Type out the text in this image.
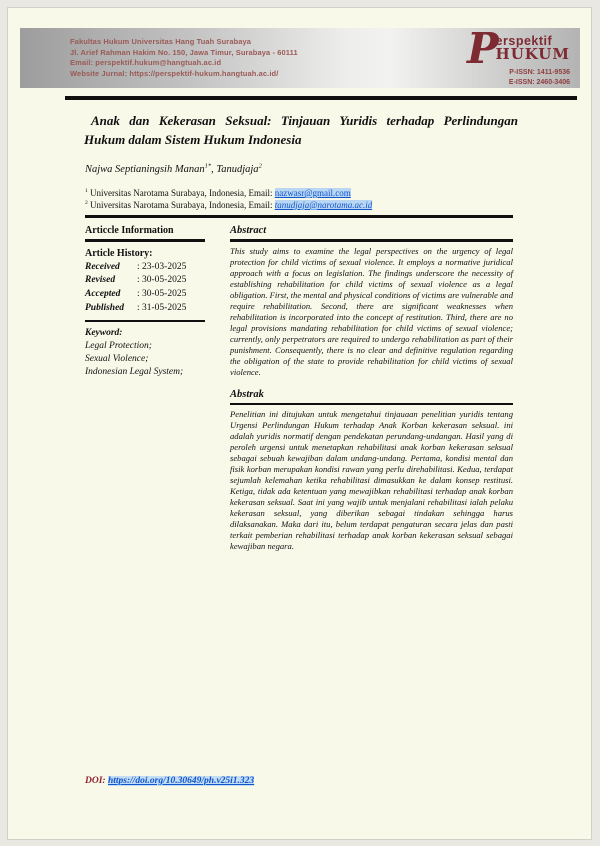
Fakultas Hukum Universitas Hang Tuah Surabaya
Jl. Arief Rahman Hakim No. 150, Jawa Timur, Surabaya - 60111
Email: perspektif.hukum@hangtuah.ac.id
Website Jurnal: https://perspektif-hukum.hangtuah.ac.id/	P
erspektif
HUKUM
P-ISSN: 1411-9536
E-ISSN: 2460-3406
Anak dan Kekerasan Seksual: Tinjauan Yuridis terhadap Perlindungan Hukum dalam Sistem Hukum Indonesia
Najwa Septianingsih Manan$^{1*}$, Tanudjaja$^2$
$^1$ Universitas Narotama Surabaya, Indonesia, Email: nazwasr@gmail.com
$^2$ Universitas Narotama Surabaya, Indonesia, Email: tanudjaja@narotama.ac.id
Articcle Information
Article History:
Received	: 23-03-2025
Revised	: 30-05-2025
Accepted	: 30-05-2025
Published	: 31-05-2025
Keyword:
Legal Protection;
Sexual Violence;
Indonesian Legal System;
Abstract

This study aims to examine the legal perspectives on the urgency of legal protection for child victims of sexual violence. It employs a normative juridical approach with a focus on legislation. The findings underscore the necessity of establishing rehabilitation for child victims of sexual violence as a legal obligation. First, the mental and physical conditions of victims are vulnerable and require rehabilitation. Second, there are significant weaknesses when rehabilitation is incorporated into the concept of restitution. Third, there are no legal provisions mandating rehabilitation for child victims of sexual violence; currently, only perpetrators are required to undergo rehabilitation as part of their punishment. Consequently, there is no clear and definitive regulation regarding the obligation of the state to provide rehabilitation for child victims of sexual violence.

Abstrak

Penelitian ini ditujukan untuk mengetahui tinjauaan penelitian yuridis tentang Urgensi Perlindungan Hukum terhadap Anak Korban kekerasan seksual. ini adalah yuridis normatif dengan pendekatan perundang-undangan. Hasil yang di peroleh urgensi untuk menetapkan rehabilitasi anak korban kekerasan seksual sebagai sebuah kewajiban dalam undang-undang. Pertama, kondisi mental dan fisik korban merupakan kondisi rawan yang perlu direhabilitasi. Kedua, terdapat sejumlah kelemahan ketika rehabilitasi dimasukkan ke dalam konsep restitusi. Ketiga, tidak ada ketentuan yang mewajibkan rehabilitasi terhadap anak korban kekerasan seksual. Saat ini yang wajib untuk menjalani rehabilitasi ialah pelaku kekerasan seksual, yang diberikan sebagai tindakan sehingga harus dilaksanakan. Maka dari itu, belum terdapat pengaturan secara jelas dan pasti terkait pemberian rehabilitasi terhadap anak korban kekerasan seksual sebagai kewajiban negara.

DOI: https://doi.org/10.30649/ph.v25i1.323
